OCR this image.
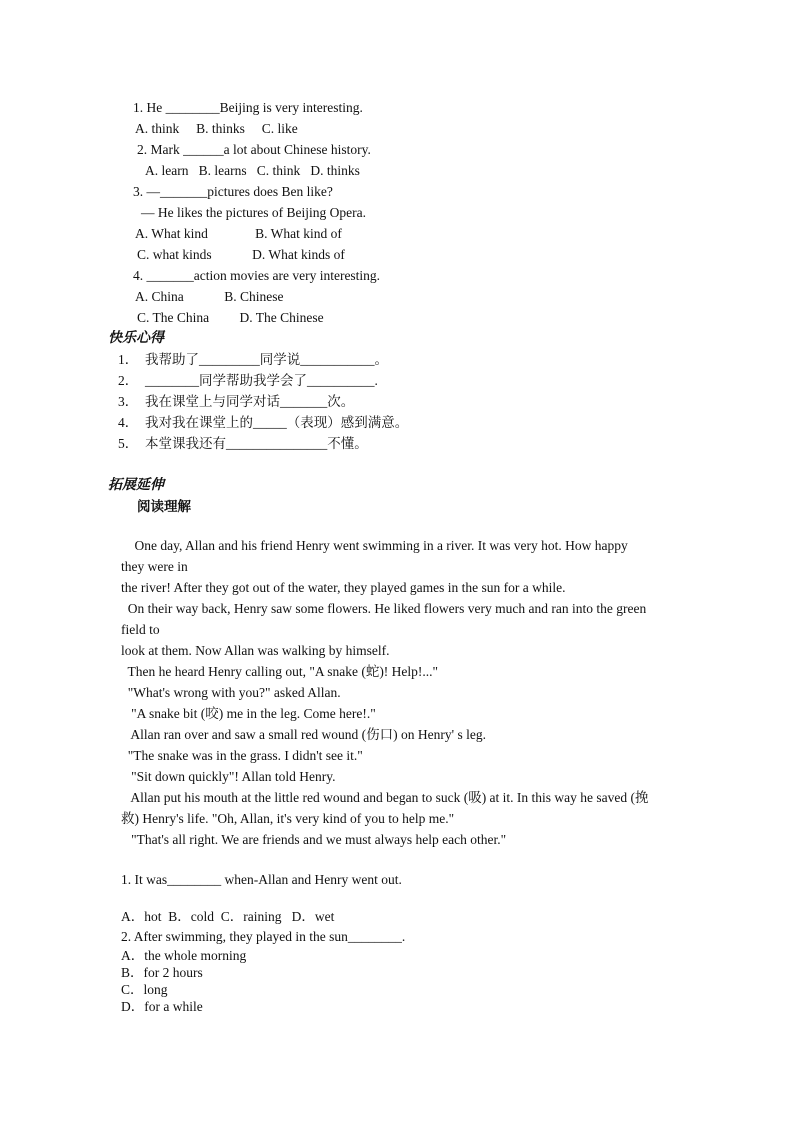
1. He ________Beijing is very interesting.
A. think     B. thinks     C. like
2. Mark ______a lot about Chinese history.
A. learn   B. learns   C. think   D. thinks
3. —_______pictures does Ben like?
— He likes the pictures of Beijing Opera.
A. What kind              B. What kind of
C. what kinds            D. What kinds of
4. _______action movies are very interesting.
A. China            B. Chinese
C. The China         D. The Chinese
快乐心得
1．  我帮助了_________同学说___________。
2．  ________同学帮助我学会了__________.
3．  我在课堂上与同学对话_______次。
4．  我对我在课堂上的_____（表现）感到满意。
5．  本堂课我还有_______________不懂。
拓展延伸
阅读理解
One day, Allan and his friend Henry went swimming in a river. It was very hot. How happy
they were in
the river! After they got out of the water, they played games in the sun for a while.
On their way back, Henry saw some flowers. He liked flowers very much and ran into the green
field to
look at them. Now Allan was walking by himself.
Then he heard Henry calling out, "A snake (蛇)! Help!..."
"What's wrong with you?" asked Allan.
"A snake bit (咬) me in the leg. Come here!."
Allan ran over and saw a small red wound (伤口) on Henry' s leg.
"The snake was in the grass. I didn't see it."
"Sit down quickly"! Allan told Henry.
Allan put his mouth at the little red wound and began to suck (吸) at it. In this way he saved (挽
救) Henry's life. "Oh, Allan, it's very kind of you to help me."
"That's all right. We are friends and we must always help each other."
1. It was________ when-Allan and Henry went out.
A．hot  B．cold  C．raining   D．wet
2. After swimming, they played in the sun________.
A．the whole morning
B．for 2 hours
C．long
D．for a while
